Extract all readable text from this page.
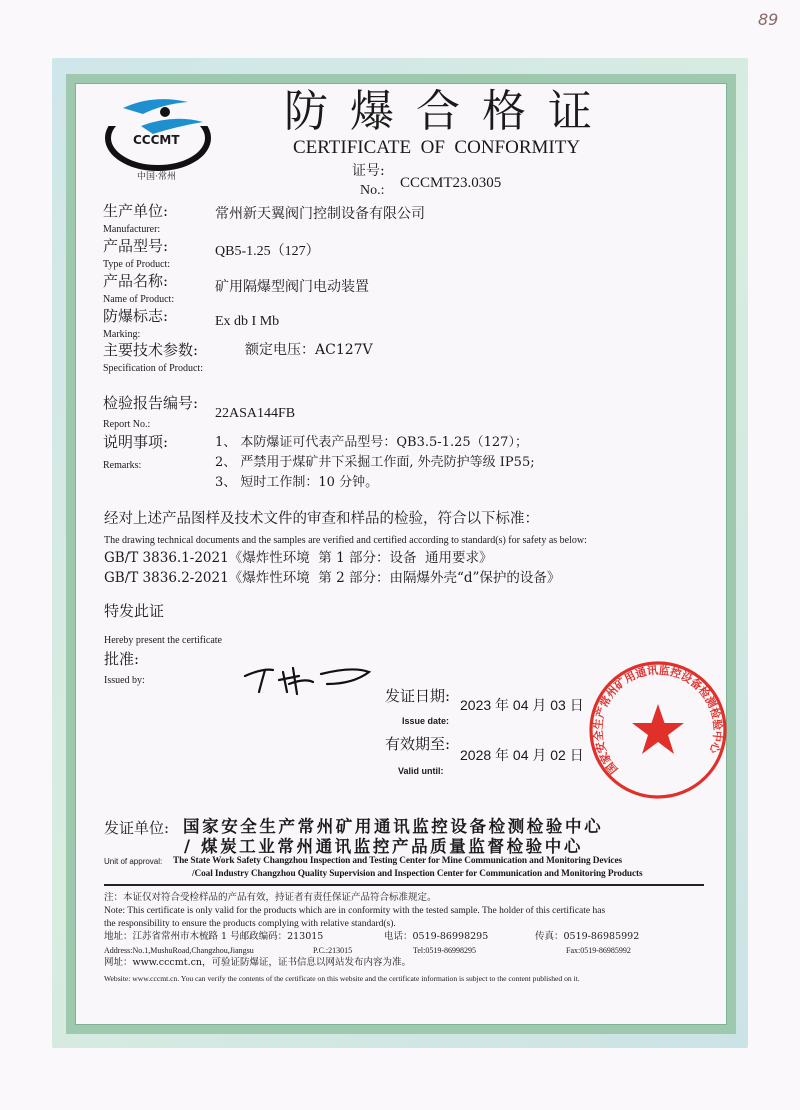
89
CCCMT
中国·常州
防 爆 合 格 证
CERTIFICATE  OF  CONFORMITY
证号:
No.: CCCMT23.0305
生产单位:
Manufacturer:
常州新天翼阀门控制设备有限公司
产品型号:
Type of Product:
QB5-1.25（127）
产品名称:
Name of Product:
矿用隔爆型阀门电动装置
防爆标志:
Marking:
Ex db I Mb
主要技术参数:
Specification of Product:
额定电压：AC127V
检验报告编号:
Report No.:
22ASA144FB
说明事项:
Remarks:
1、 本防爆证可代表产品型号：QB3.5-1.25（127）；
2、 严禁用于煤矿井下采掘工作面, 外壳防护等级 IP55;
3、 短时工作制：10 分钟。
经对上述产品图样及技术文件的审查和样品的检验，符合以下标准：
The drawing technical documents and the samples are verified and certified according to standard(s) for safety as below:
GB/T 3836.1-2021《爆炸性环境  第 1 部分：设备  通用要求》
GB/T 3836.2-2021《爆炸性环境  第 2 部分：由隔爆外壳“d”保护的设备》
特发此证
Hereby present the certificate
批准:
Issued by:
发证日期:
Issue date:
2023 年 04 月 03 日
有效期至:
Valid until:
2028 年 04 月 02 日
国家安全生产常州矿用通讯监控设备检测检验中心
发证单位: 国家安全生产常州矿用通讯监控设备检测检验中心
/ 煤炭工业常州通讯监控产品质量监督检验中心
Unit of approval: The State Work Safety Changzhou Inspection and Testing Center for Mine Communication and Monitoring Devices
/Coal Industry Changzhou Quality Supervision and Inspection Center for Communication and Monitoring Products
注：本证仅对符合受检样品的产品有效，持证者有责任保证产品符合标准规定。
Note: This certificate is only valid for the products which are in conformity with the tested sample. The holder of this certificate has
the responsibility to ensure the products complying with relative standard(s).
地址：江苏省常州市木梳路 1 号邮政编码：213015	电话：0519-86998295	传真：0519-86985992
Address:No.1,MushuRoad,Changzhou,Jiangsu	P.C.:213015	Tel:0519-86998295	Fax:0519-86985992
网址：www.cccmt.cn，可验证防爆证，证书信息以网站发布内容为准。
Website: www.cccmt.cn. You can verify the contents of the certificate on this website and the certificate information is subject to the content published on it.
